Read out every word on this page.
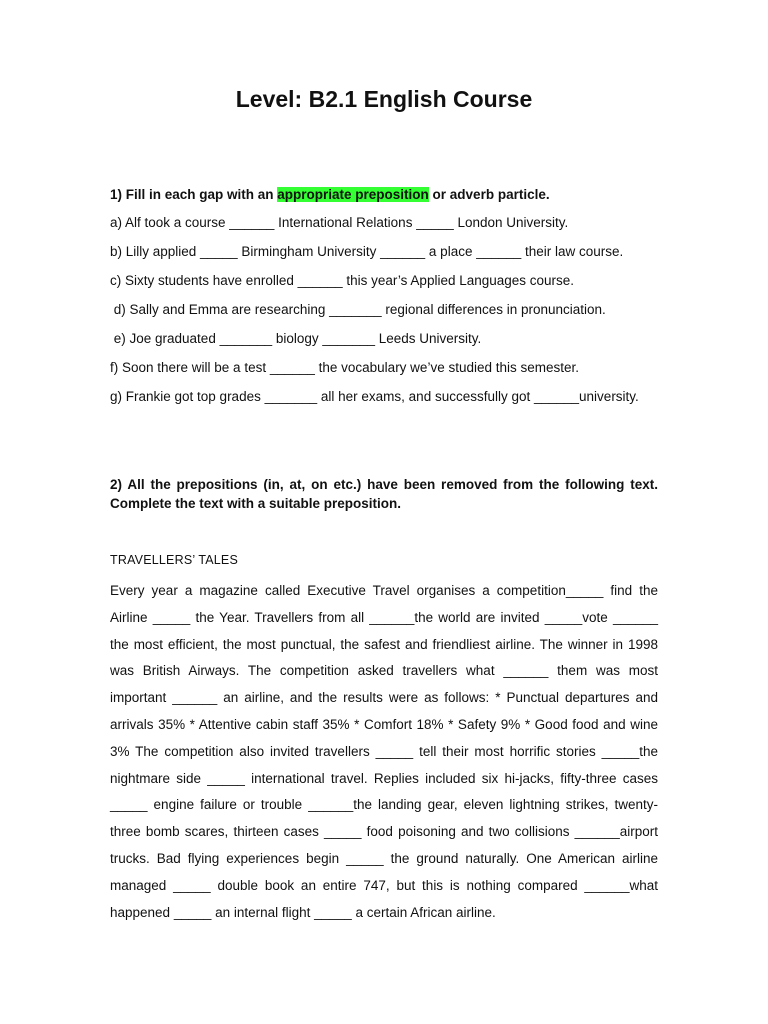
Level: B2.1 English Course

1) Fill in each gap with an appropriate preposition or adverb particle.

a) Alf took a course ______ International Relations _____ London University.

b) Lilly applied _____ Birmingham University ______ a place ______ their law course.

c) Sixty students have enrolled ______ this year’s Applied Languages course.

d) Sally and Emma are researching _______ regional differences in pronunciation.

e) Joe graduated _______ biology _______ Leeds University.

f) Soon there will be a test ______ the vocabulary we’ve studied this semester.

g) Frankie got top grades _______ all her exams, and successfully got ______university.

2) All the prepositions (in, at, on etc.) have been removed from the following text. Complete the text with a suitable preposition.

TRAVELLERS’ TALES

Every year a magazine called Executive Travel organises a competition_____ find the Airline _____ the Year. Travellers from all ______the world are invited _____vote ______ the most efficient, the most punctual, the safest and friendliest airline. The winner in 1998 was British Airways. The competition asked travellers what ______ them was most important ______ an airline, and the results were as follows: * Punctual departures and arrivals 35% * Attentive cabin staff 35% * Comfort 18% * Safety 9% * Good food and wine 3% The competition also invited travellers _____ tell their most horrific stories _____the nightmare side _____ international travel. Replies included six hi-jacks, fifty-three cases _____ engine failure or trouble ______the landing gear, eleven lightning strikes, twenty-three bomb scares, thirteen cases _____ food poisoning and two collisions ______airport trucks. Bad flying experiences begin _____ the ground naturally. One American airline managed _____ double book an entire 747, but this is nothing compared ______what happened _____ an internal flight _____ a certain African airline.
